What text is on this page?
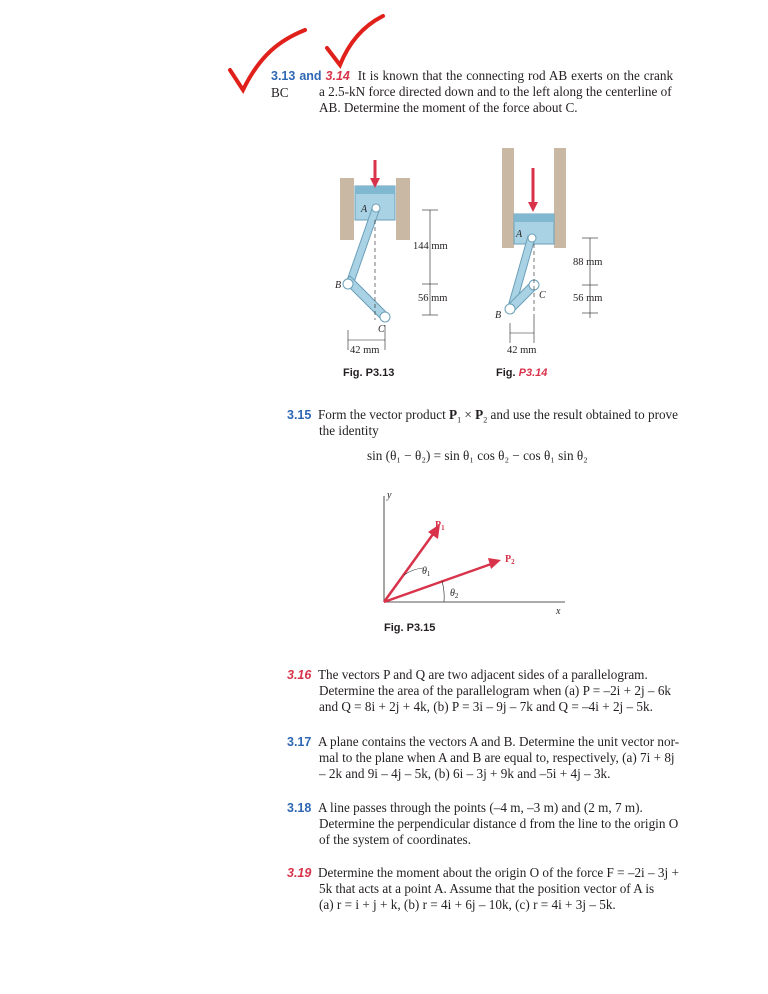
3.13 and 3.14 It is known that the connecting rod AB exerts on the crank BC	a 2.5-kN force directed down and to the left along the centerline of
AB. Determine the moment of the force about C.
A
B
C
144 mm
56 mm
42 mm
Fig. P3.13
A
B
C
88 mm
56 mm
42 mm
Fig. P3.14
3.15 Form the vector product $P_1 \times P_2$ and use the result obtained to prove
the identity
sin (θ₁ − θ₂) = sin θ₁ cos θ₂ − cos θ₁ sin θ₂
y
x
$P_1$
$P_2$
$\theta_1$
$\theta_2$
Fig. P3.15
3.16 The vectors P and Q are two adjacent sides of a parallelogram.
Determine the area of the parallelogram when (a) P = –2i + 2j – 6k
and Q = 8i + 2j + 4k, (b) P = 3i – 9j – 7k and Q = –4i + 2j – 5k.
3.17 A plane contains the vectors A and B. Determine the unit vector nor-
mal to the plane when A and B are equal to, respectively, (a) 7i + 8j
– 2k and 9i – 4j – 5k, (b) 6i – 3j + 9k and –5i + 4j – 3k.
3.18 A line passes through the points (–4 m, –3 m) and (2 m, 7 m).
Determine the perpendicular distance d from the line to the origin O
of the system of coordinates.
3.19 Determine the moment about the origin O of the force F = –2i – 3j +
5k that acts at a point A. Assume that the position vector of A is
(a) r = i + j + k, (b) r = 4i + 6j – 10k, (c) r = 4i + 3j – 5k.
